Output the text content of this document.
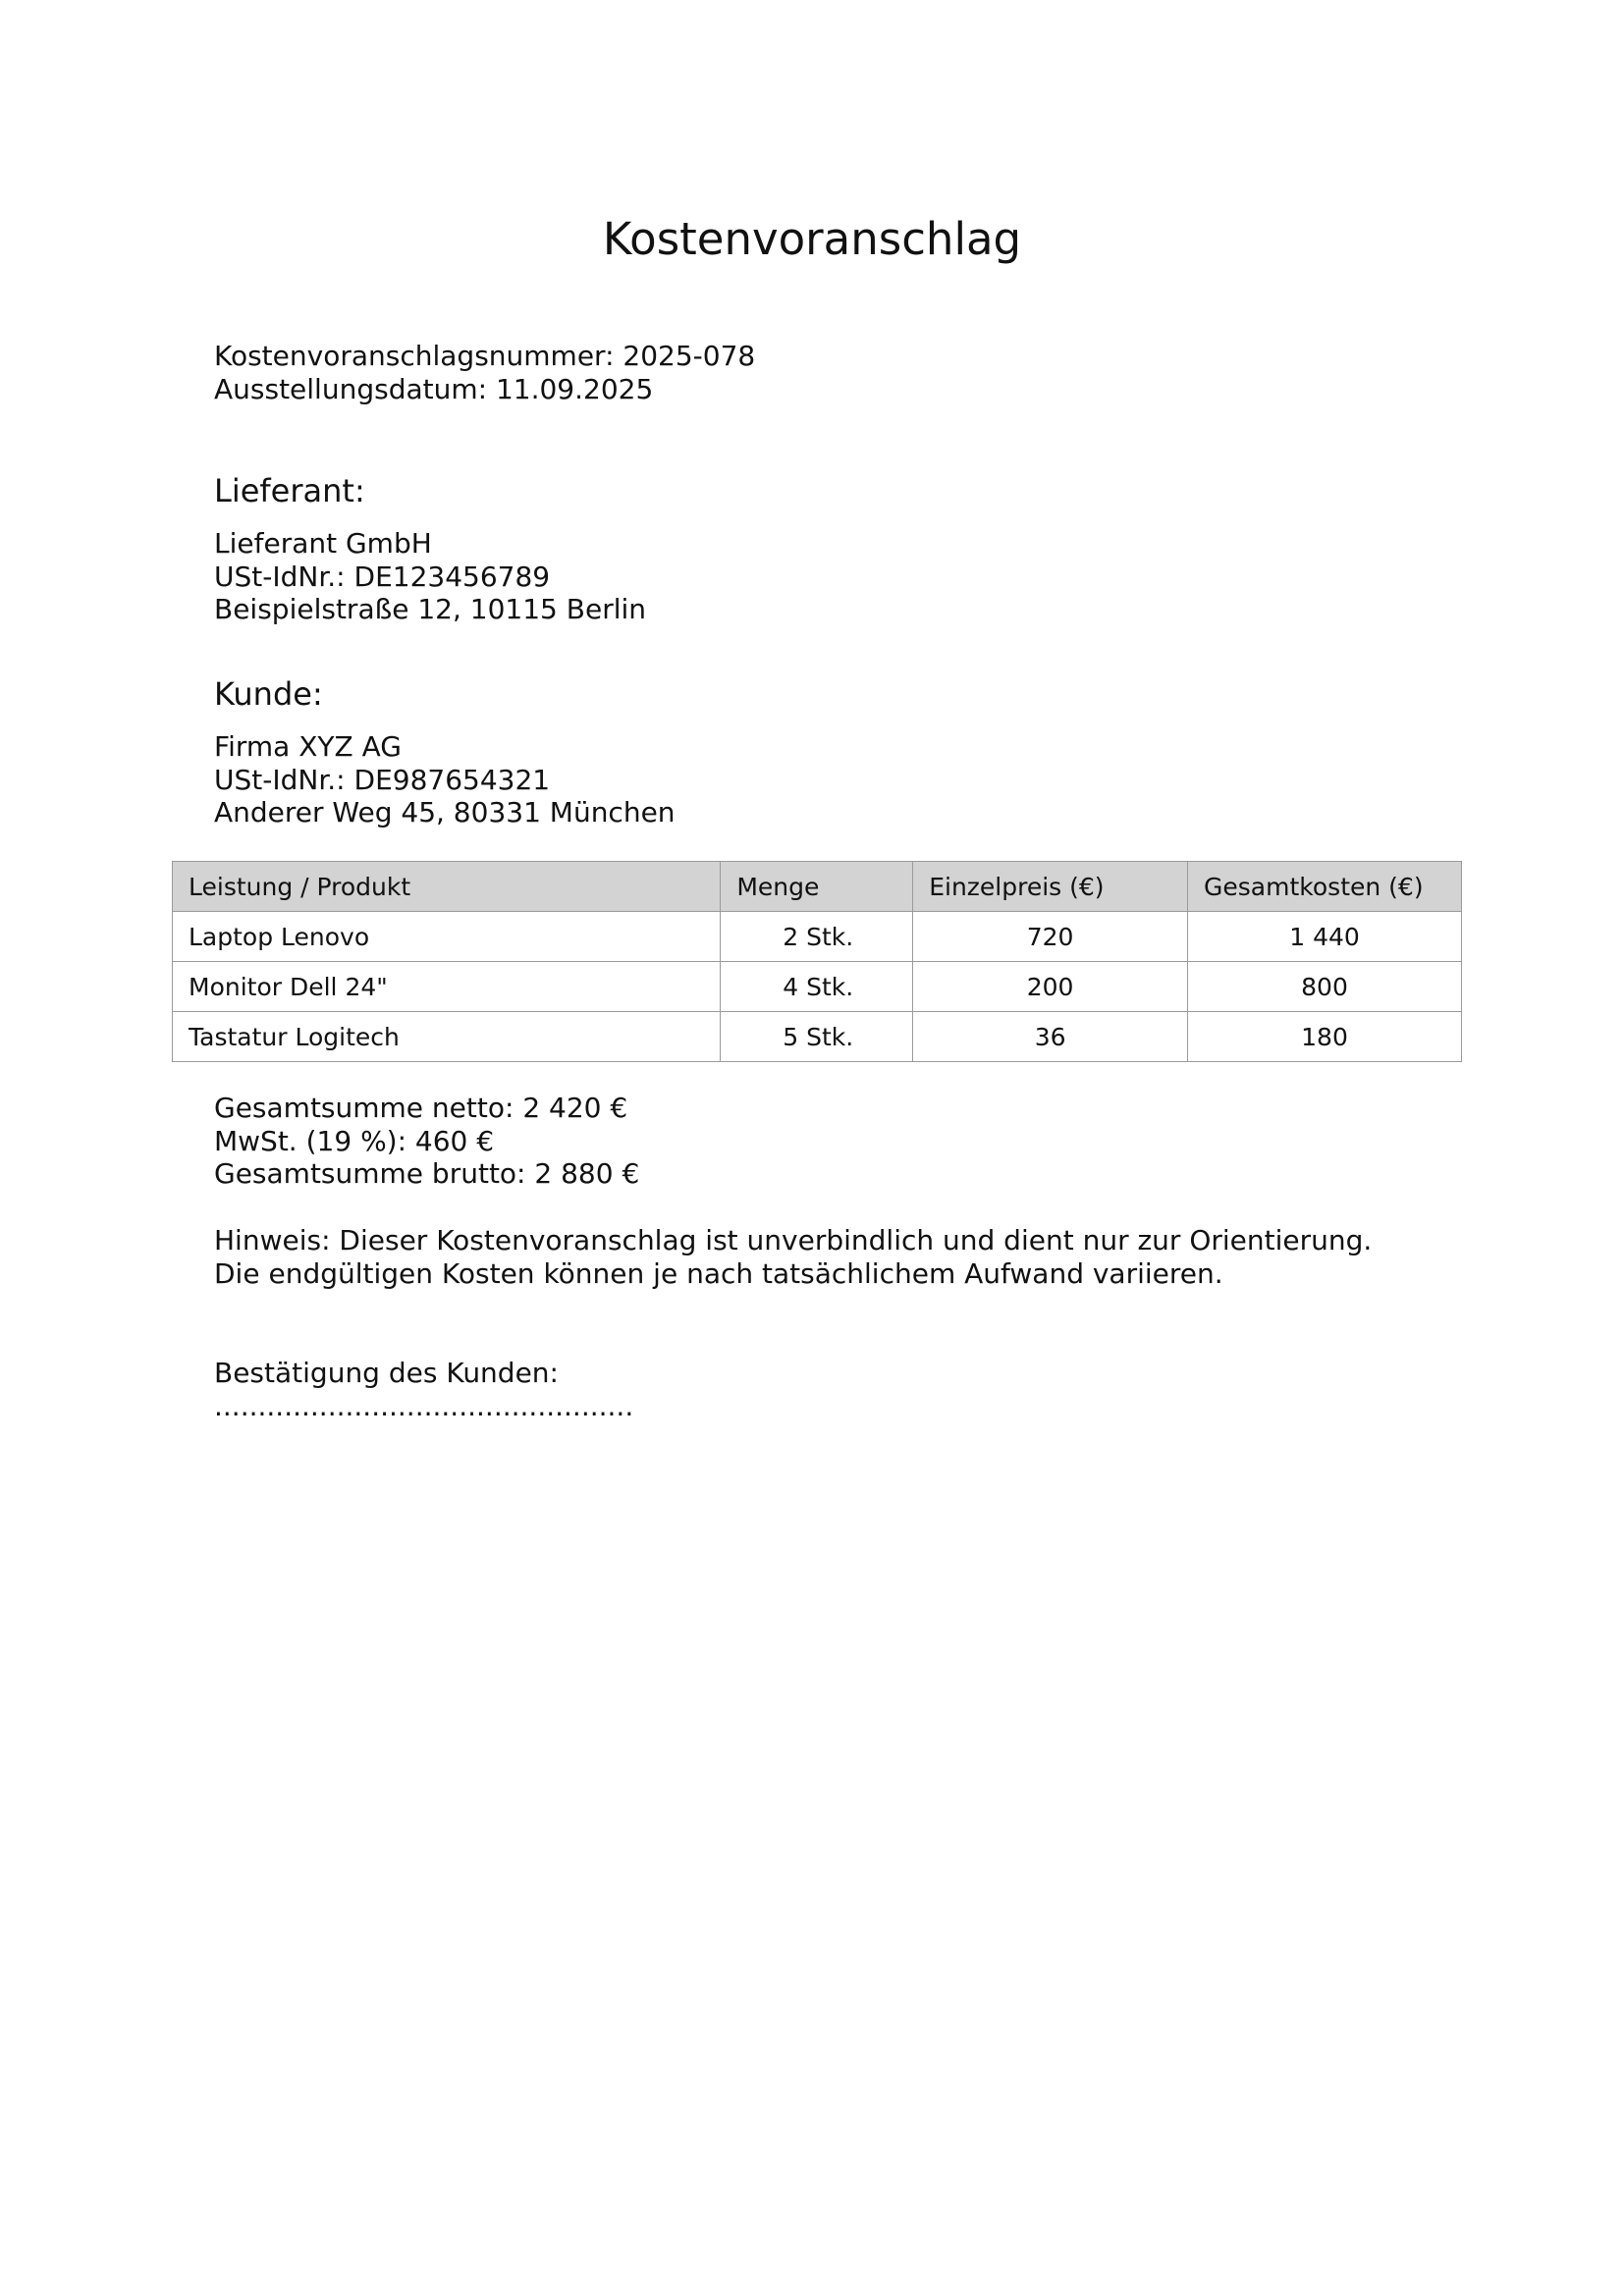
Kostenvoranschlag
Kostenvoranschlagsnummer: 2025-078
Ausstellungsdatum: 11.09.2025
Lieferant:
Lieferant GmbH
USt-IdNr.: DE123456789
Beispielstraße 12, 10115 Berlin
Kunde:
Firma XYZ AG
USt-IdNr.: DE987654321
Anderer Weg 45, 80331 München
Leistung / Produkt	Menge	Einzelpreis (€)	Gesamtkosten (€)
Laptop Lenovo	2 Stk.	720	1 440
Monitor Dell 24"	4 Stk.	200	800
Tastatur Logitech	5 Stk.	36	180
Gesamtsumme netto: 2 420 €
MwSt. (19 %): 460 €
Gesamtsumme brutto: 2 880 €
Hinweis: Dieser Kostenvoranschlag ist unverbindlich und dient nur zur Orientierung.
Die endgültigen Kosten können je nach tatsächlichem Aufwand variieren.
Bestätigung des Kunden:
................................................
